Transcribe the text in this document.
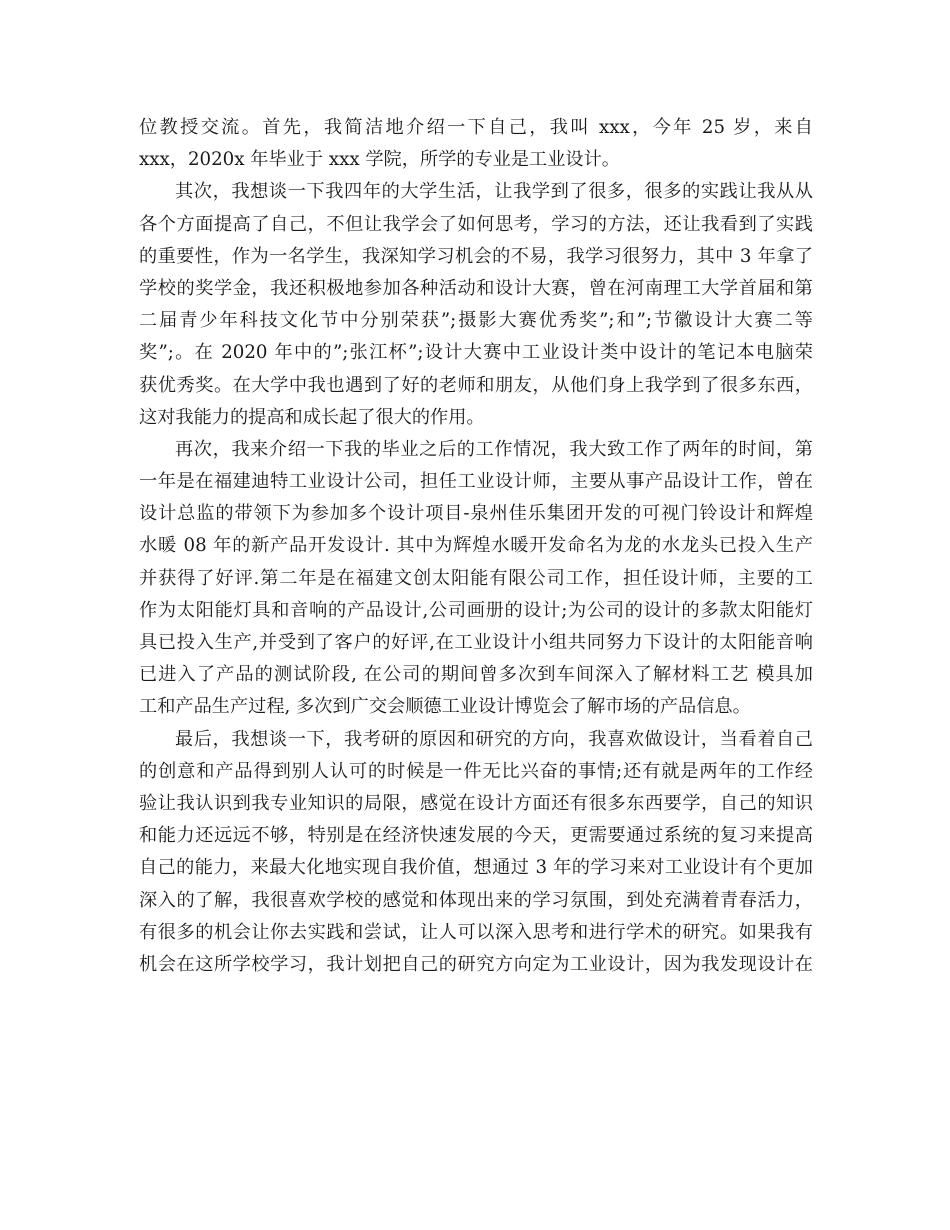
位教授交流。首先，我简洁地介绍一下自己，我叫 xxx，今年 25 岁，来自
xxx，2020x 年毕业于 xxx 学院，所学的专业是工业设计。
其次，我想谈一下我四年的大学生活，让我学到了很多，很多的实践让我从从
各个方面提高了自己，不但让我学会了如何思考，学习的方法，还让我看到了实践
的重要性，作为一名学生，我深知学习机会的不易，我学习很努力，其中 3 年拿了
学校的奖学金，我还积极地参加各种活动和设计大赛，曾在河南理工大学首届和第
二届青少年科技文化节中分别荣获”;摄影大赛优秀奖”;和”;节徽设计大赛二等
奖”;。在 2020 年中的”;张江杯”;设计大赛中工业设计类中设计的笔记本电脑荣
获优秀奖。在大学中我也遇到了好的老师和朋友，从他们身上我学到了很多东西，
这对我能力的提高和成长起了很大的作用。
再次，我来介绍一下我的毕业之后的工作情况，我大致工作了两年的时间，第
一年是在福建迪特工业设计公司，担任工业设计师，主要从事产品设计工作，曾在
设计总监的带领下为参加多个设计项目-泉州佳乐集团开发的可视门铃设计和辉煌
水暖 08 年的新产品开发设计. 其中为辉煌水暖开发命名为龙的水龙头已投入生产
并获得了好评.第二年是在福建文创太阳能有限公司工作，担任设计师，主要的工
作为太阳能灯具和音响的产品设计,公司画册的设计;为公司的设计的多款太阳能灯
具已投入生产,并受到了客户的好评,在工业设计小组共同努力下设计的太阳能音响
已进入了产品的测试阶段, 在公司的期间曾多次到车间深入了解材料工艺 模具加
工和产品生产过程, 多次到广交会顺德工业设计博览会了解市场的产品信息。
最后，我想谈一下，我考研的原因和研究的方向，我喜欢做设计，当看着自己
的创意和产品得到别人认可的时候是一件无比兴奋的事情;还有就是两年的工作经
验让我认识到我专业知识的局限，感觉在设计方面还有很多东西要学，自己的知识
和能力还远远不够，特别是在经济快速发展的今天，更需要通过系统的复习来提高
自己的能力，来最大化地实现自我价值，想通过 3 年的学习来对工业设计有个更加
深入的了解，我很喜欢学校的感觉和体现出来的学习氛围，到处充满着青春活力，
有很多的机会让你去实践和尝试，让人可以深入思考和进行学术的研究。如果我有
机会在这所学校学习，我计划把自己的研究方向定为工业设计，因为我发现设计在
